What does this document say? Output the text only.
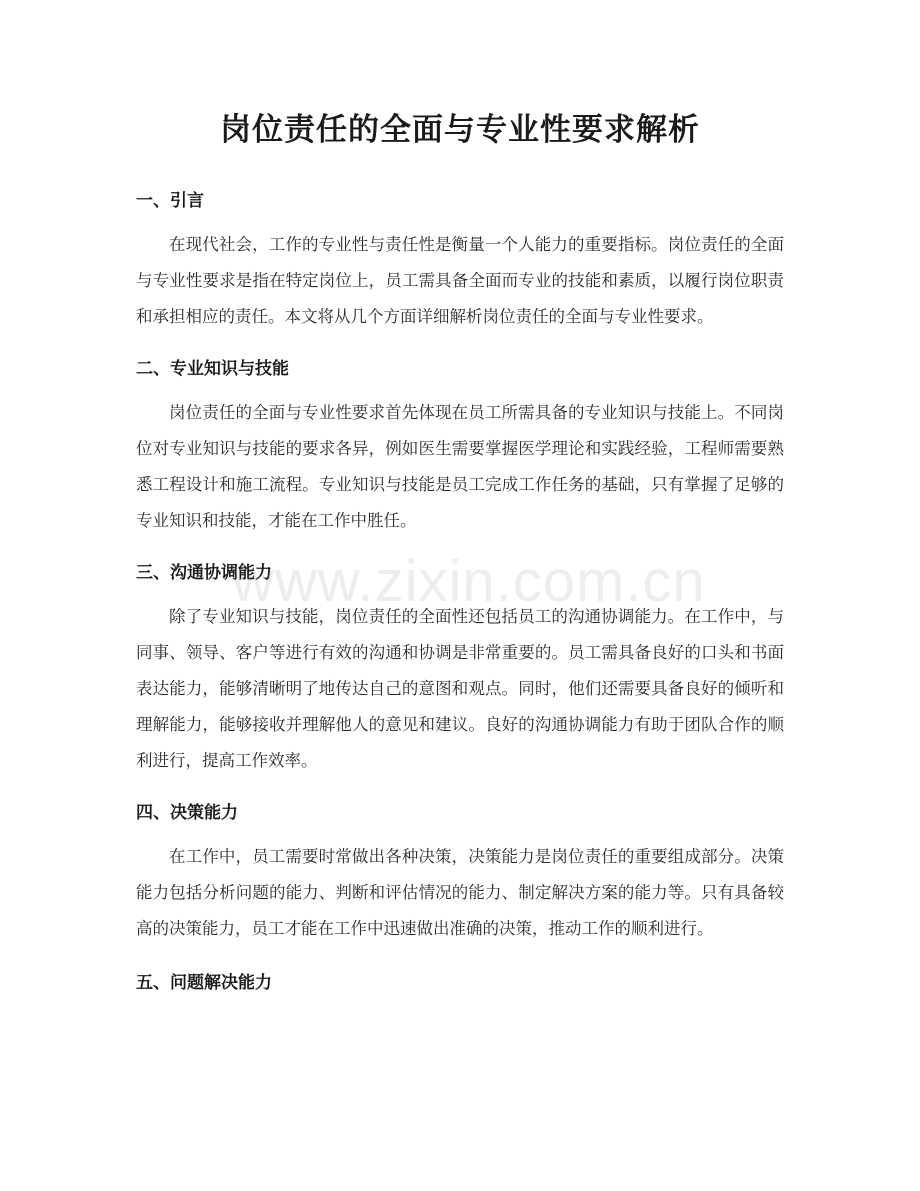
岗位责任的全面与专业性要求解析
一、引言

在现代社会，工作的专业性与责任性是衡量一个人能力的重要指标。岗位责任的全面与专业性要求是指在特定岗位上，员工需具备全面而专业的技能和素质，以履行岗位职责和承担相应的责任。本文将从几个方面详细解析岗位责任的全面与专业性要求。

二、专业知识与技能

岗位责任的全面与专业性要求首先体现在员工所需具备的专业知识与技能上。不同岗位对专业知识与技能的要求各异，例如医生需要掌握医学理论和实践经验，工程师需要熟悉工程设计和施工流程。专业知识与技能是员工完成工作任务的基础，只有掌握了足够的专业知识和技能，才能在工作中胜任。

三、沟通协调能力

除了专业知识与技能，岗位责任的全面性还包括员工的沟通协调能力。在工作中，与同事、领导、客户等进行有效的沟通和协调是非常重要的。员工需具备良好的口头和书面表达能力，能够清晰明了地传达自己的意图和观点。同时，他们还需要具备良好的倾听和理解能力，能够接收并理解他人的意见和建议。良好的沟通协调能力有助于团队合作的顺利进行，提高工作效率。

四、决策能力

在工作中，员工需要时常做出各种决策，决策能力是岗位责任的重要组成部分。决策能力包括分析问题的能力、判断和评估情况的能力、制定解决方案的能力等。只有具备较高的决策能力，员工才能在工作中迅速做出准确的决策，推动工作的顺利进行。

五、问题解决能力
www.zixin.com.cn
